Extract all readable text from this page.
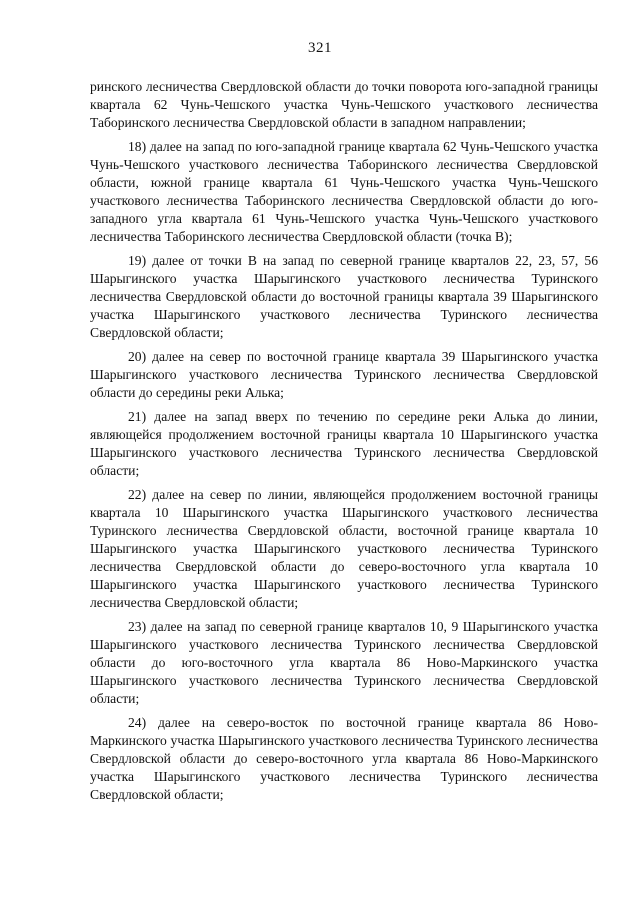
321

ринского лесничества Свердловской области до точки поворота юго-западной границы квартала 62 Чунь-Чешского участка Чунь-Чешского участкового лесничества Таборинского лесничества Свердловской области в западном направлении;

18) далее на запад по юго-западной границе квартала 62 Чунь-Чешского участка Чунь-Чешского участкового лесничества Таборинского лесничества Свердловской области, южной границе квартала 61 Чунь-Чешского участка Чунь-Чешского участкового лесничества Таборинского лесничества Свердловской области до юго-западного угла квартала 61 Чунь-Чешского участка Чунь-Чешского участкового лесничества Таборинского лесничества Свердловской области (точка В);

19) далее от точки В на запад по северной границе кварталов 22, 23, 57, 56 Шарыгинского участка Шарыгинского участкового лесничества Туринского лесничества Свердловской области до восточной границы квартала 39 Шарыгинского участка Шарыгинского участкового лесничества Туринского лесничества Свердловской области;

20) далее на север по восточной границе квартала 39 Шарыгинского участка Шарыгинского участкового лесничества Туринского лесничества Свердловской области до середины реки Алька;

21) далее на запад вверх по течению по середине реки Алька до линии, являющейся продолжением восточной границы квартала 10 Шарыгинского участка Шарыгинского участкового лесничества Туринского лесничества Свердловской области;

22) далее на север по линии, являющейся продолжением восточной границы квартала 10 Шарыгинского участка Шарыгинского участкового лесничества Туринского лесничества Свердловской области, восточной границе квартала 10 Шарыгинского участка Шарыгинского участкового лесничества Туринского лесничества Свердловской области до северо-восточного угла квартала 10 Шарыгинского участка Шарыгинского участкового лесничества Туринского лесничества Свердловской области;

23) далее на запад по северной границе кварталов 10, 9 Шарыгинского участка Шарыгинского участкового лесничества Туринского лесничества Свердловской области до юго-восточного угла квартала 86 Ново-Маркинского участка Шарыгинского участкового лесничества Туринского лесничества Свердловской области;

24) далее на северо-восток по восточной границе квартала 86 Ново-Маркинского участка Шарыгинского участкового лесничества Туринского лесничества Свердловской области до северо-восточного угла квартала 86 Ново-Маркинского участка Шарыгинского участкового лесничества Туринского лесничества Свердловской области;
